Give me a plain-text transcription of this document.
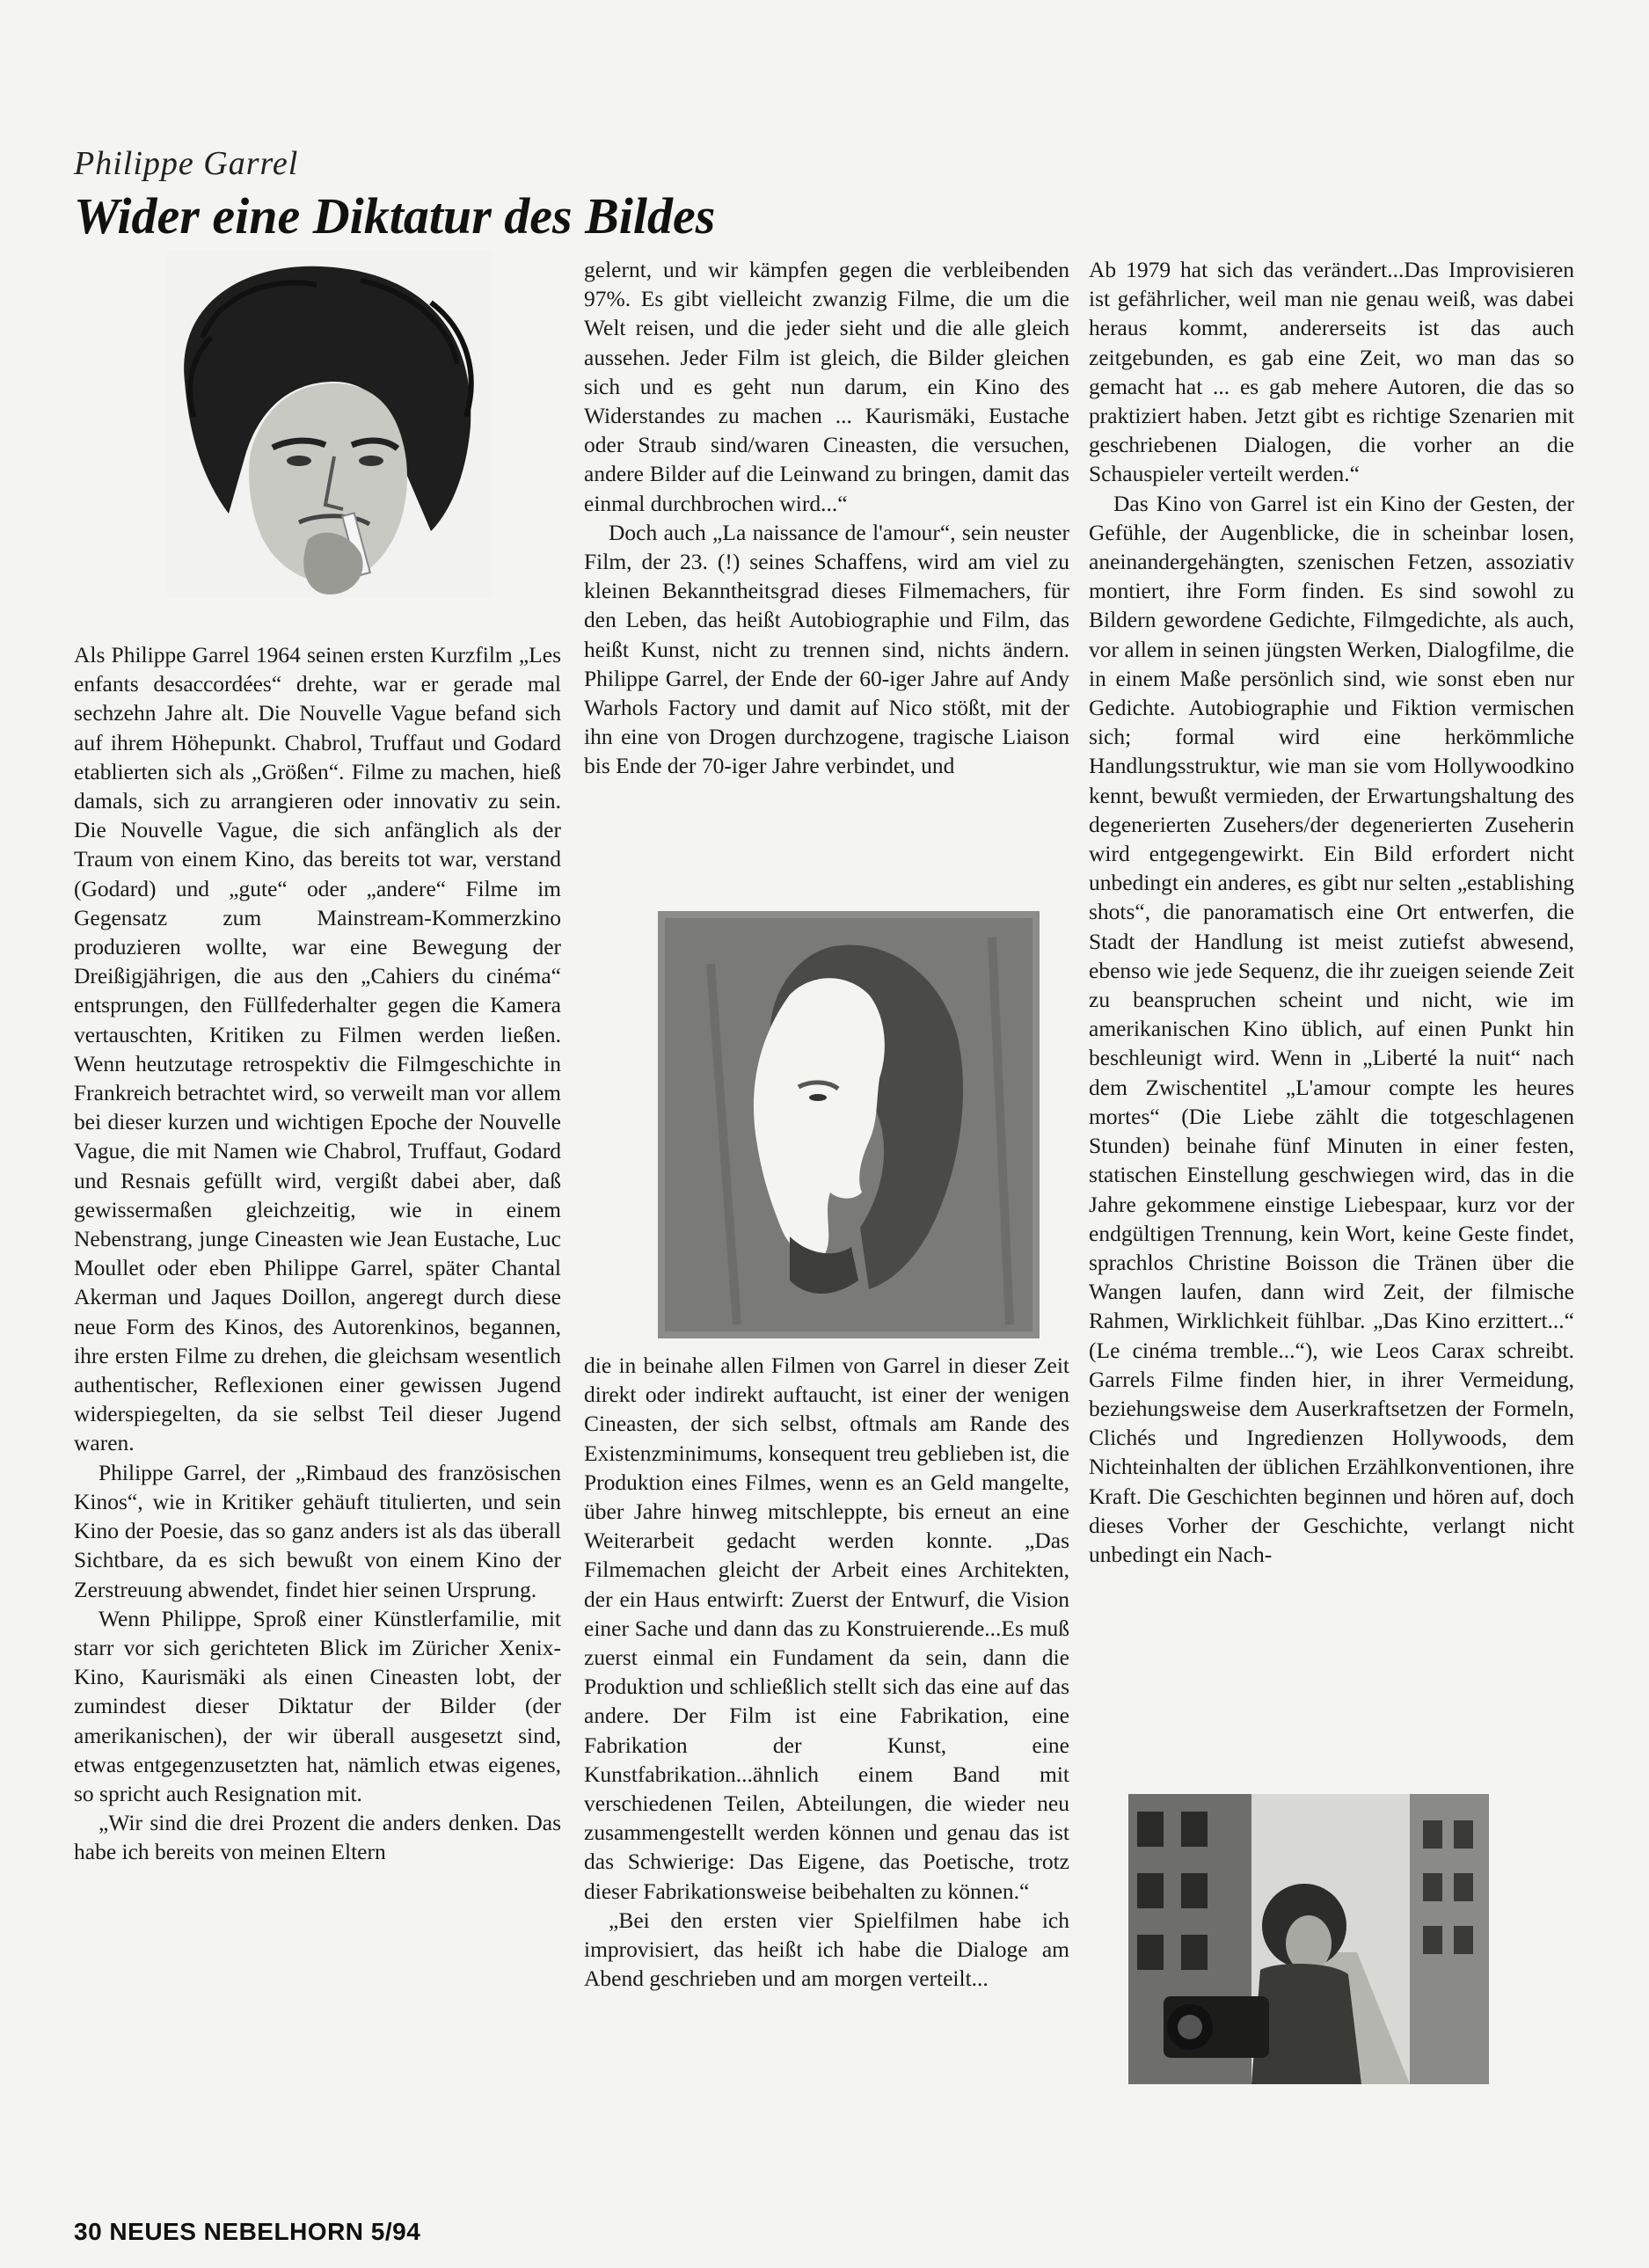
Philippe Garrel
Wider eine Diktatur des Bildes

Als Philippe Garrel 1964 seinen ersten Kurzfilm „Les enfants desaccordées“ drehte, war er gerade mal sechzehn Jahre alt. Die Nouvelle Vague befand sich auf ihrem Höhepunkt. Chabrol, Truffaut und Godard etablierten sich als „Größen“. Filme zu machen, hieß damals, sich zu arrangieren oder innovativ zu sein. Die Nouvelle Vague, die sich anfänglich als der Traum von einem Kino, das bereits tot war, verstand (Godard) und „gute“ oder „andere“ Filme im Gegensatz zum Mainstream-Kommerzkino produzieren wollte, war eine Bewegung der Dreißigjährigen, die aus den „Cahiers du cinéma“ entsprungen, den Füllfederhalter gegen die Kamera vertauschten, Kritiken zu Filmen werden ließen. Wenn heutzutage retrospektiv die Filmgeschichte in Frankreich betrachtet wird, so verweilt man vor allem bei dieser kurzen und wichtigen Epoche der Nouvelle Vague, die mit Namen wie Chabrol, Truffaut, Godard und Resnais gefüllt wird, vergißt dabei aber, daß gewissermaßen gleichzeitig, wie in einem Nebenstrang, junge Cineasten wie Jean Eustache, Luc Moullet oder eben Philippe Garrel, später Chantal Akerman und Jaques Doillon, angeregt durch diese neue Form des Kinos, des Autorenkinos, begannen, ihre ersten Filme zu drehen, die gleichsam wesentlich authentischer, Reflexionen einer gewissen Jugend widerspiegelten, da sie selbst Teil dieser Jugend waren.

Philippe Garrel, der „Rimbaud des französischen Kinos“, wie in Kritiker gehäuft titulierten, und sein Kino der Poesie, das so ganz anders ist als das überall Sichtbare, da es sich bewußt von einem Kino der Zerstreuung abwendet, findet hier seinen Ursprung.

Wenn Philippe, Sproß einer Künstlerfamilie, mit starr vor sich gerichteten Blick im Züricher Xenix-Kino, Kaurismäki als einen Cineasten lobt, der zumindest dieser Diktatur der Bilder (der amerikanischen), der wir überall ausgesetzt sind, etwas entgegenzusetzten hat, nämlich etwas eigenes, so spricht auch Resignation mit.

„Wir sind die drei Prozent die anders denken. Das habe ich bereits von meinen Eltern

gelernt, und wir kämpfen gegen die verbleibenden 97%. Es gibt vielleicht zwanzig Filme, die um die Welt reisen, und die jeder sieht und die alle gleich aussehen. Jeder Film ist gleich, die Bilder gleichen sich und es geht nun darum, ein Kino des Widerstandes zu machen ... Kaurismäki, Eustache oder Straub sind/waren Cineasten, die versuchen, andere Bilder auf die Leinwand zu bringen, damit das einmal durchbrochen wird...“

Doch auch „La naissance de l'amour“, sein neuster Film, der 23. (!) seines Schaffens, wird am viel zu kleinen Bekanntheitsgrad dieses Filmemachers, für den Leben, das heißt Autobiographie und Film, das heißt Kunst, nicht zu trennen sind, nichts ändern. Philippe Garrel, der Ende der 60-iger Jahre auf Andy Warhols Factory und damit auf Nico stößt, mit der ihn eine von Drogen durchzogene, tragische Liaison bis Ende der 70-iger Jahre verbindet, und

die in beinahe allen Filmen von Garrel in dieser Zeit direkt oder indirekt auftaucht, ist einer der wenigen Cineasten, der sich selbst, oftmals am Rande des Existenzminimums, konsequent treu geblieben ist, die Produktion eines Filmes, wenn es an Geld mangelte, über Jahre hinweg mitschleppte, bis erneut an eine Weiterarbeit gedacht werden konnte. „Das Filmemachen gleicht der Arbeit eines Architekten, der ein Haus entwirft: Zuerst der Entwurf, die Vision einer Sache und dann das zu Konstruierende...Es muß zuerst einmal ein Fundament da sein, dann die Produktion und schließlich stellt sich das eine auf das andere. Der Film ist eine Fabrikation, eine Fabrikation der Kunst, eine Kunstfabrikation...ähnlich einem Band mit verschiedenen Teilen, Abteilungen, die wieder neu zusammengestellt werden können und genau das ist das Schwierige: Das Eigene, das Poetische, trotz dieser Fabrikationsweise beibehalten zu können.“

„Bei den ersten vier Spielfilmen habe ich improvisiert, das heißt ich habe die Dialoge am Abend geschrieben und am morgen verteilt...

Ab 1979 hat sich das verändert...Das Improvisieren ist gefährlicher, weil man nie genau weiß, was dabei heraus kommt, andererseits ist das auch zeitgebunden, es gab eine Zeit, wo man das so gemacht hat ... es gab mehere Autoren, die das so praktiziert haben. Jetzt gibt es richtige Szenarien mit geschriebenen Dialogen, die vorher an die Schauspieler verteilt werden.“

Das Kino von Garrel ist ein Kino der Gesten, der Gefühle, der Augenblicke, die in scheinbar losen, aneinandergehängten, szenischen Fetzen, assoziativ montiert, ihre Form finden. Es sind sowohl zu Bildern gewordene Gedichte, Filmgedichte, als auch, vor allem in seinen jüngsten Werken, Dialogfilme, die in einem Maße persönlich sind, wie sonst eben nur Gedichte. Autobiographie und Fiktion vermischen sich; formal wird eine herkömmliche Handlungsstruktur, wie man sie vom Hollywoodkino kennt, bewußt vermieden, der Erwartungshaltung des degenerierten Zusehers/der degenerierten Zuseherin wird entgegengewirkt. Ein Bild erfordert nicht unbedingt ein anderes, es gibt nur selten „establishing shots“, die panoramatisch eine Ort entwerfen, die Stadt der Handlung ist meist zutiefst abwesend, ebenso wie jede Sequenz, die ihr zueigen seiende Zeit zu beanspruchen scheint und nicht, wie im amerikanischen Kino üblich, auf einen Punkt hin beschleunigt wird. Wenn in „Liberté la nuit“ nach dem Zwischentitel „L'amour compte les heures mortes“ (Die Liebe zählt die totgeschlagenen Stunden) beinahe fünf Minuten in einer festen, statischen Einstellung geschwiegen wird, das in die Jahre gekommene einstige Liebespaar, kurz vor der endgültigen Trennung, kein Wort, keine Geste findet, sprachlos Christine Boisson die Tränen über die Wangen laufen, dann wird Zeit, der filmische Rahmen, Wirklichkeit fühlbar. „Das Kino erzittert...“ (Le cinéma tremble...“), wie Leos Carax schreibt. Garrels Filme finden hier, in ihrer Vermeidung, beziehungsweise dem Auserkraftsetzen der Formeln, Clichés und Ingredienzen Hollywoods, dem Nichteinhalten der üblichen Erzählkonventionen, ihre Kraft. Die Geschichten beginnen und hören auf, doch dieses Vorher der Geschichte, verlangt nicht unbedingt ein Nach-

30 NEUES NEBELHORN 5/94
